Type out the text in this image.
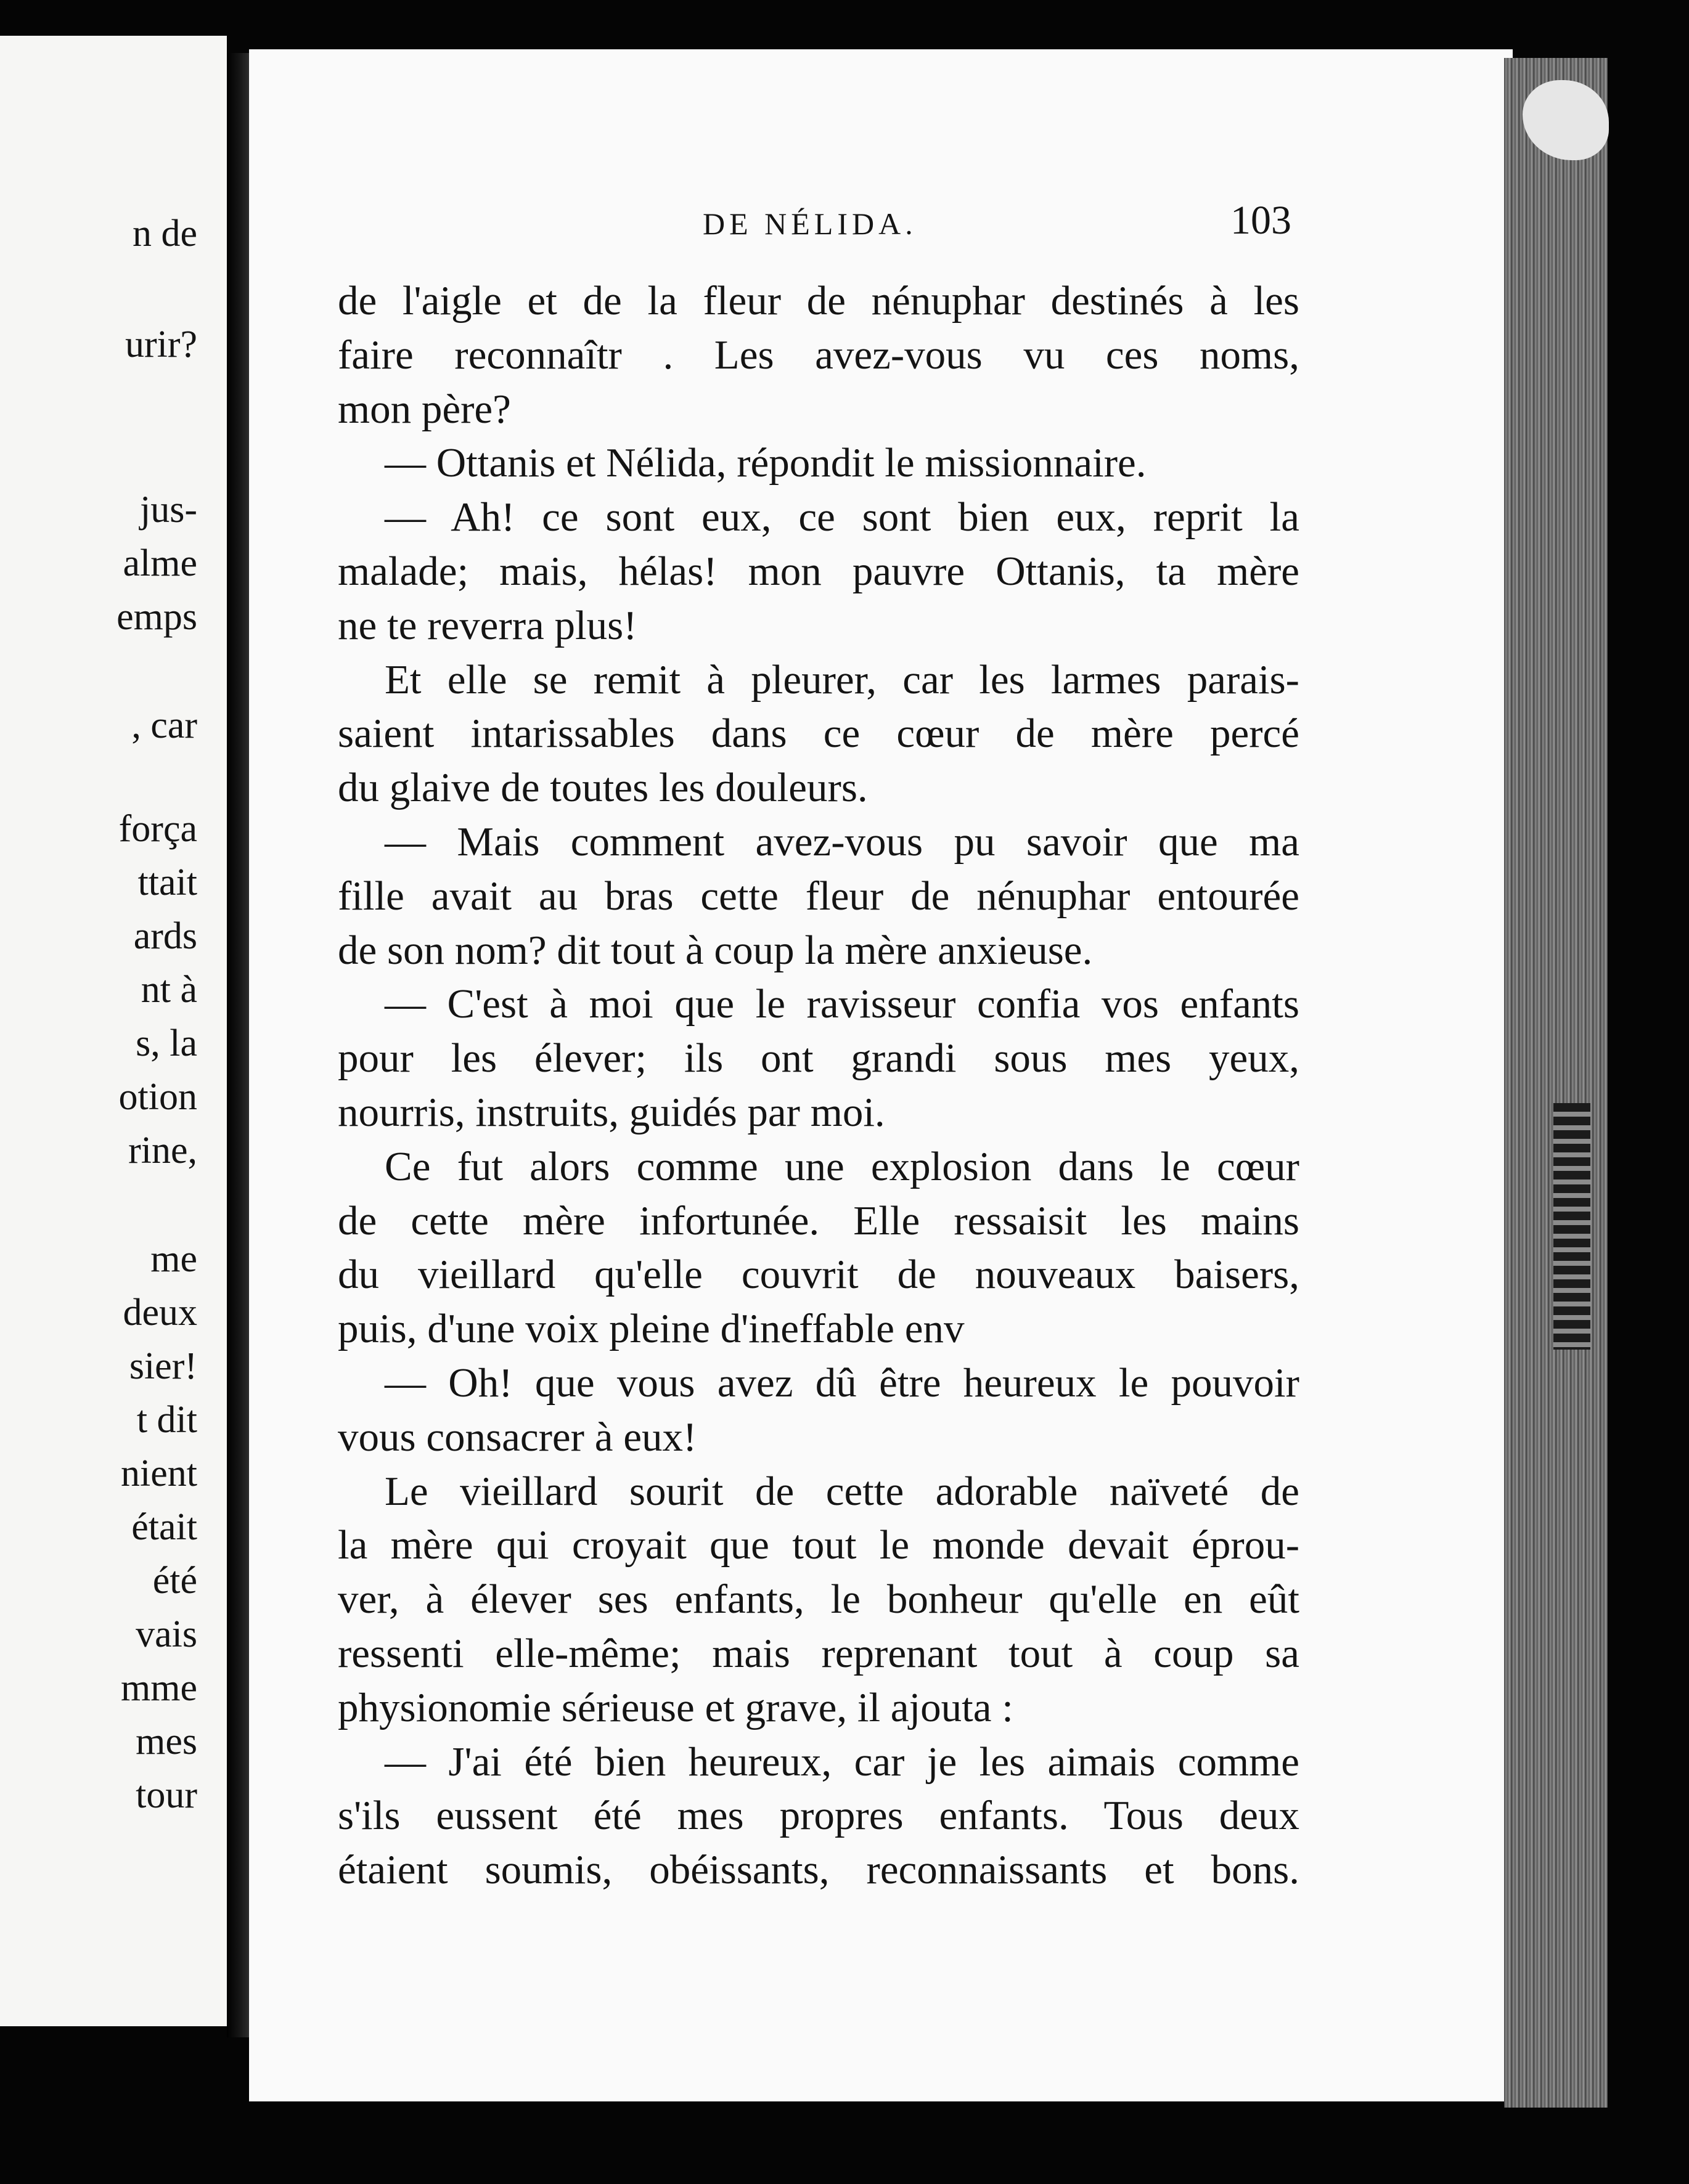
n de
urir?
jus-
alme
emps
, car
força
ttait
ards
nt à
s, la
otion
rine,
me
deux
sier!
t dit
nient
était
été
vais
mme
mes
tour
DE NÉLIDA.	103
de l'aigle et de la fleur de nénuphar destinés à les
faire reconnaîtr . Les avez-vous vu ces noms,
mon père?
— Ottanis et Nélida, répondit le missionnaire.
— Ah! ce sont eux, ce sont bien eux, reprit la
malade; mais, hélas! mon pauvre Ottanis, ta mère
ne te reverra plus!
Et elle se remit à pleurer, car les larmes parais-
saient intarissables dans ce cœur de mère percé
du glaive de toutes les douleurs.
— Mais comment avez-vous pu savoir que ma
fille avait au bras cette fleur de nénuphar entourée
de son nom? dit tout à coup la mère anxieuse.
— C'est à moi que le ravisseur confia vos enfants
pour les élever; ils ont grandi sous mes yeux,
nourris, instruits, guidés par moi.
Ce fut alors comme une explosion dans le cœur
de cette mère infortunée. Elle ressaisit les mains
du vieillard qu'elle couvrit de nouveaux baisers,
puis, d'une voix pleine d'ineffable env
— Oh! que vous avez dû être heureux le pouvoir
vous consacrer à eux!
Le vieillard sourit de cette adorable naïveté de
la mère qui croyait que tout le monde devait éprou-
ver, à élever ses enfants, le bonheur qu'elle en eût
ressenti elle-même; mais reprenant tout à coup sa
physionomie sérieuse et grave, il ajouta :
— J'ai été bien heureux, car je les aimais comme
s'ils eussent été mes propres enfants. Tous deux
étaient soumis, obéissants, reconnaissants et bons.
